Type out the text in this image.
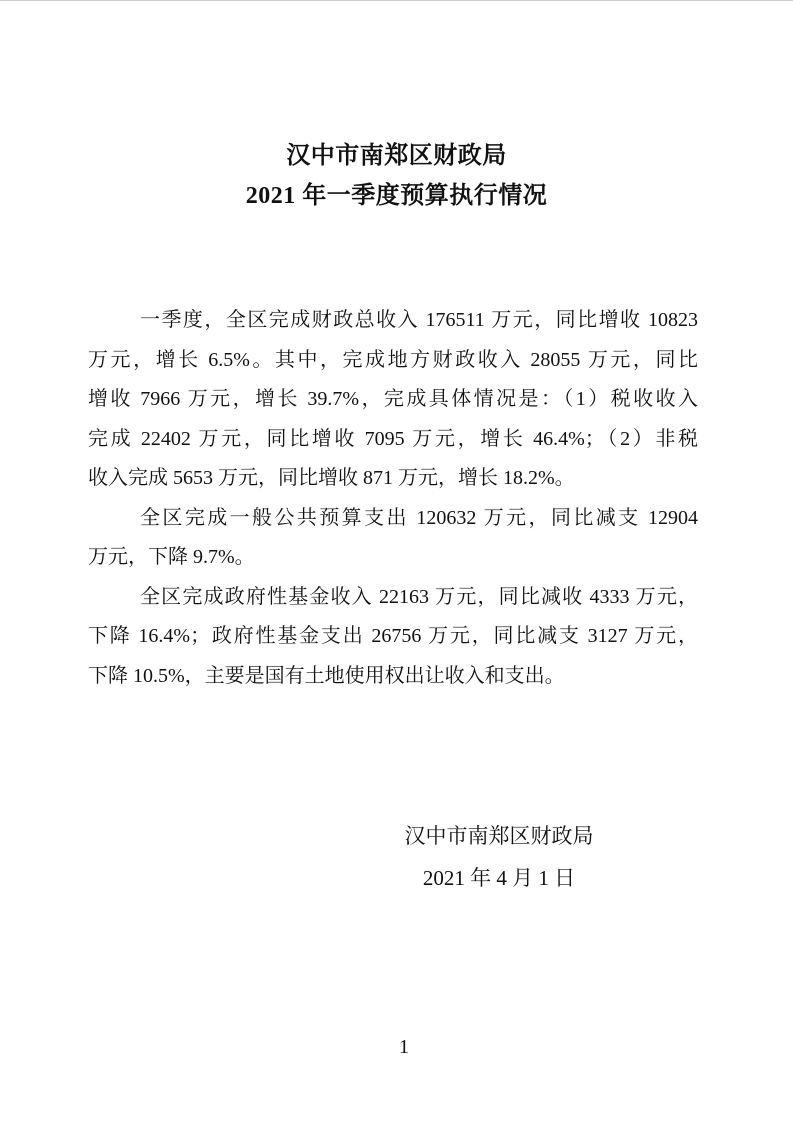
汉中市南郑区财政局
2021 年一季度预算执行情况
一季度，全区完成财政总收入 176511 万元，同比增收 10823
万元，增长 6.5%。其中，完成地方财政收入 28055 万元，同比
增收 7966 万元，增长 39.7%，完成具体情况是：（1）税收收入
完成 22402 万元，同比增收 7095 万元，增长 46.4%；（2）非税
收入完成 5653 万元，同比增收 871 万元，增长 18.2%。
全区完成一般公共预算支出 120632 万元，同比减支 12904
万元，下降 9.7%。
全区完成政府性基金收入 22163 万元，同比减收 4333 万元，
下降 16.4%；政府性基金支出 26756 万元，同比减支 3127 万元，
下降 10.5%，主要是国有土地使用权出让收入和支出。
汉中市南郑区财政局
2021 年 4 月 1 日
1
